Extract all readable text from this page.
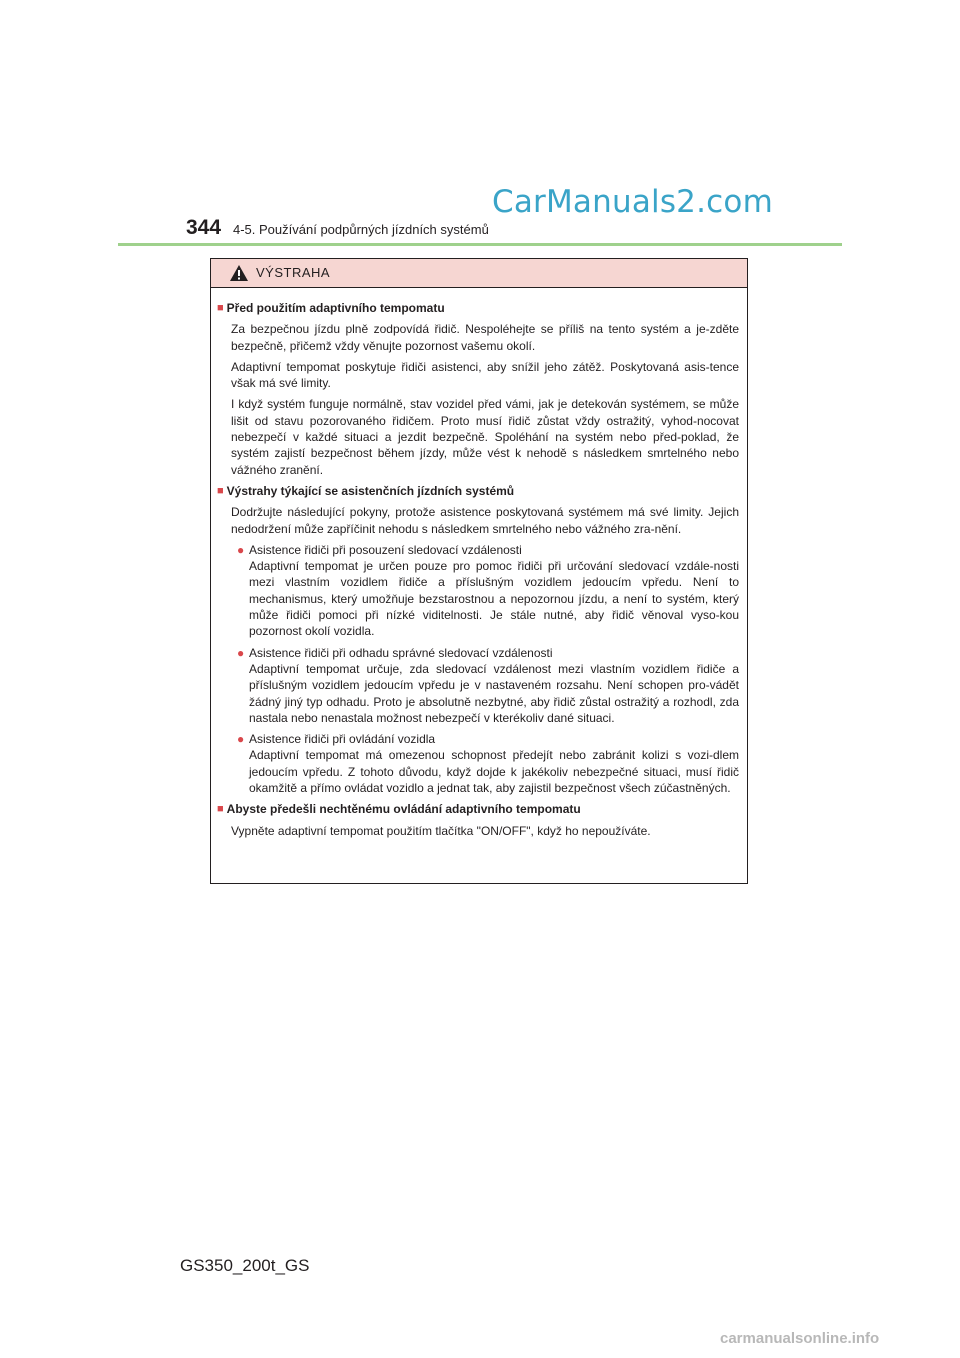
CarManuals2.com
344 4-5. Používání podpůrných jízdních systémů
VÝSTRAHA
■ Před použitím adaptivního tempomatu

Za bezpečnou jízdu plně zodpovídá řidič. Nespoléhejte se příliš na tento systém a je-zděte bezpečně, přičemž vždy věnujte pozornost vašemu okolí.

Adaptivní tempomat poskytuje řidiči asistenci, aby snížil jeho zátěž. Poskytovaná asis-tence však má své limity.

I když systém funguje normálně, stav vozidel před vámi, jak je detekován systémem, se může lišit od stavu pozorovaného řidičem. Proto musí řidič zůstat vždy ostražitý, vyhod-nocovat nebezpečí v každé situaci a jezdit bezpečně. Spoléhání na systém nebo před-poklad, že systém zajistí bezpečnost během jízdy, může vést k nehodě s následkem smrtelného nebo vážného zranění.

■ Výstrahy týkající se asistenčních jízdních systémů

Dodržujte následující pokyny, protože asistence poskytovaná systémem má své limity. Jejich nedodržení může zapříčinit nehodu s následkem smrtelného nebo vážného zra-nění.

● Asistence řidiči při posouzení sledovací vzdálenosti
Adaptivní tempomat je určen pouze pro pomoc řidiči při určování sledovací vzdále-nosti mezi vlastním vozidlem řidiče a příslušným vozidlem jedoucím vpředu. Není to mechanismus, který umožňuje bezstarostnou a nepozornou jízdu, a není to systém, který může řidiči pomoci při nízké viditelnosti. Je stále nutné, aby řidič věnoval vyso-kou pozornost okolí vozidla.
● Asistence řidiči při odhadu správné sledovací vzdálenosti
Adaptivní tempomat určuje, zda sledovací vzdálenost mezi vlastním vozidlem řidiče a příslušným vozidlem jedoucím vpředu je v nastaveném rozsahu. Není schopen pro-vádět žádný jiný typ odhadu. Proto je absolutně nezbytné, aby řidič zůstal ostražitý a rozhodl, zda nastala nebo nenastala možnost nebezpečí v kterékoliv dané situaci.
● Asistence řidiči při ovládání vozidla
Adaptivní tempomat má omezenou schopnost předejít nebo zabránit kolizi s vozi-dlem jedoucím vpředu. Z tohoto důvodu, když dojde k jakékoliv nebezpečné situaci, musí řidič okamžitě a přímo ovládat vozidlo a jednat tak, aby zajistil bezpečnost všech zúčastněných.
■ Abyste předešli nechtěnému ovládání adaptivního tempomatu

Vypněte adaptivní tempomat použitím tlačítka "ON/OFF", když ho nepoužíváte.

GS350_200t_GS
carmanualsonline.info
